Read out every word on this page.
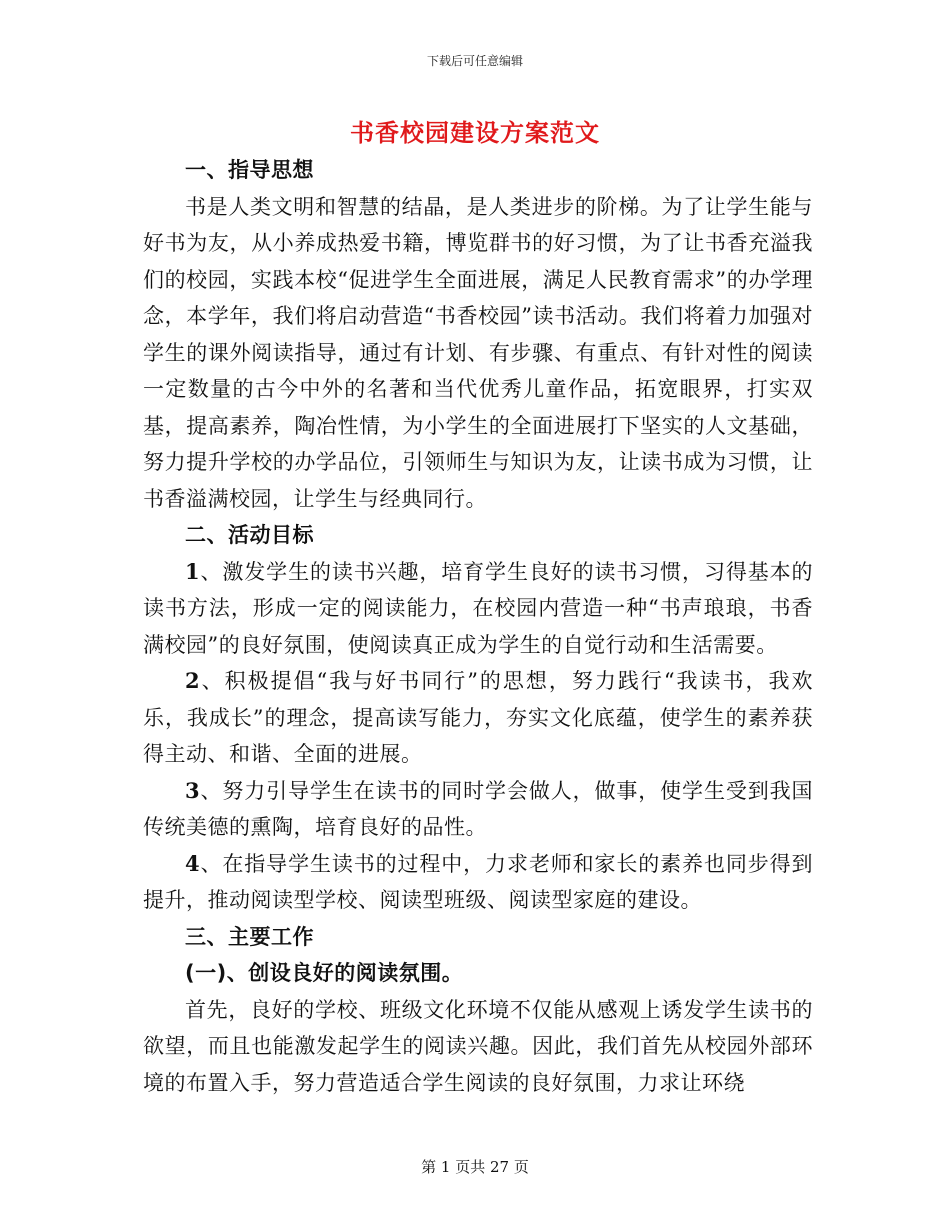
下载后可任意编辑
书香校园建设方案范文

一、指导思想

书是人类文明和智慧的结晶，是人类进步的阶梯。为了让学生能与好书为友，从小养成热爱书籍，博览群书的好习惯，为了让书香充溢我们的校园，实践本校“促进学生全面进展，满足人民教育需求”的办学理念，本学年，我们将启动营造“书香校园”读书活动。我们将着力加强对学生的课外阅读指导，通过有计划、有步骤、有重点、有针对性的阅读一定数量的古今中外的名著和当代优秀儿童作品，拓宽眼界，打实双基，提高素养，陶冶性情，为小学生的全面进展打下坚实的人文基础，努力提升学校的办学品位，引领师生与知识为友，让读书成为习惯，让书香溢满校园，让学生与经典同行。

二、活动目标

1、激发学生的读书兴趣，培育学生良好的读书习惯，习得基本的读书方法，形成一定的阅读能力，在校园内营造一种“书声琅琅，书香满校园”的良好氛围，使阅读真正成为学生的自觉行动和生活需要。

2、积极提倡“我与好书同行”的思想，努力践行“我读书，我欢乐，我成长”的理念，提高读写能力，夯实文化底蕴，使学生的素养获得主动、和谐、全面的进展。

3、努力引导学生在读书的同时学会做人，做事，使学生受到我国传统美德的熏陶，培育良好的品性。

4、在指导学生读书的过程中，力求老师和家长的素养也同步得到提升，推动阅读型学校、阅读型班级、阅读型家庭的建设。

三、主要工作

(一)、创设良好的阅读氛围。

首先，良好的学校、班级文化环境不仅能从感观上诱发学生读书的欲望，而且也能激发起学生的阅读兴趣。因此，我们首先从校园外部环境的布置入手，努力营造适合学生阅读的良好氛围，力求让环绕

第 1 页共 27 页
